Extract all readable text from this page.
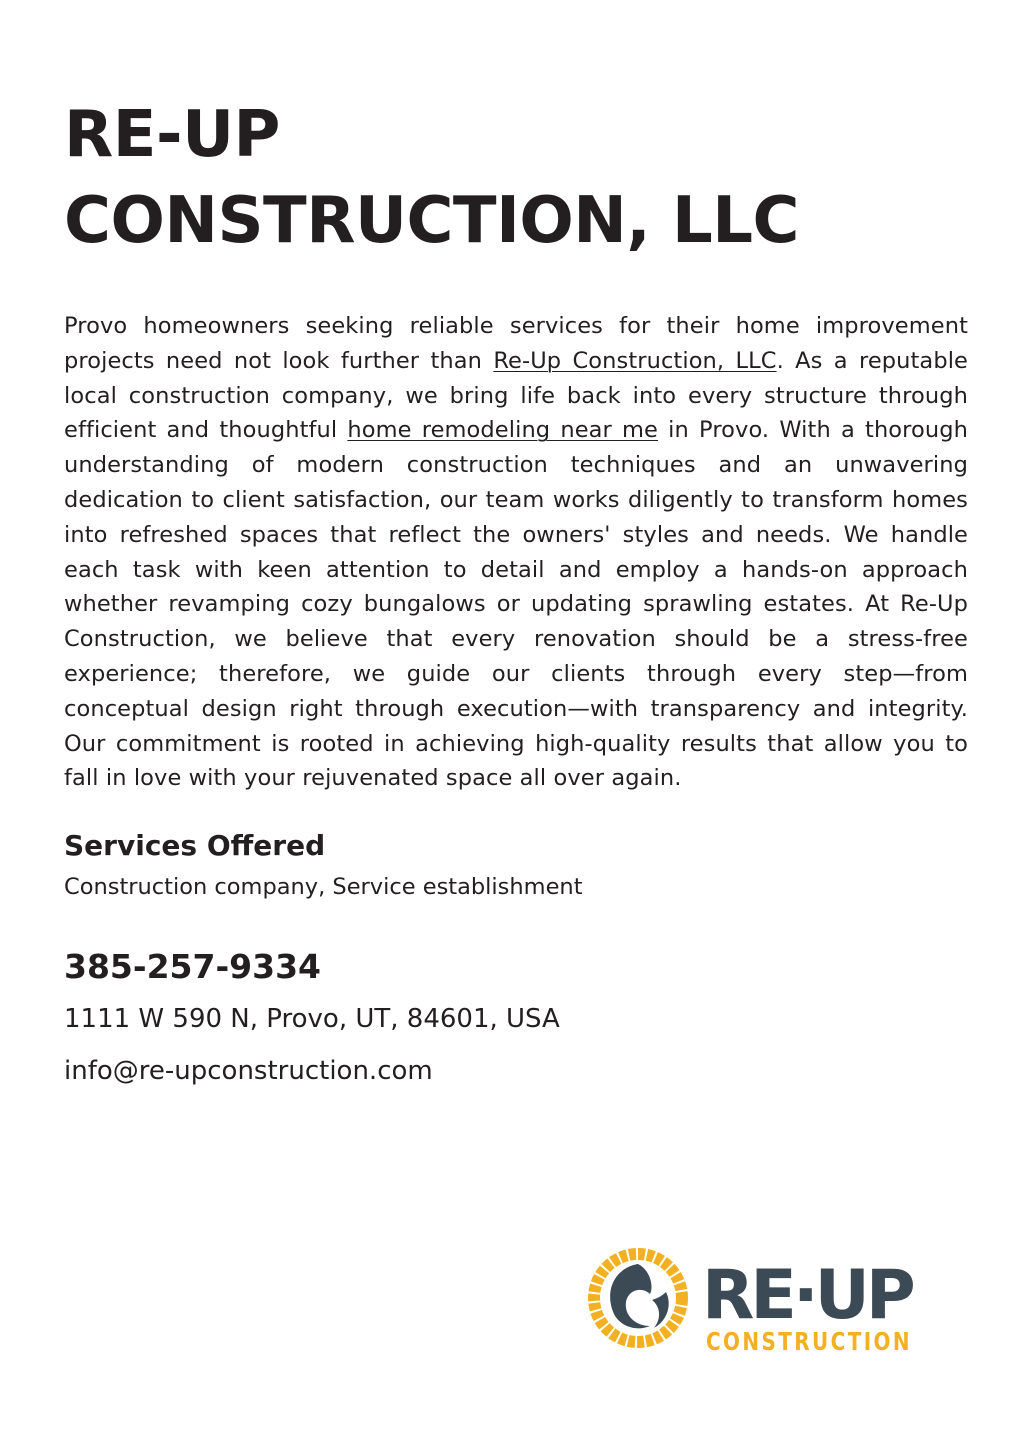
RE-UP
CONSTRUCTION, LLC

Provo homeowners seeking reliable services for their home improvement projects need not look further than Re-Up Construction, LLC. As a reputable local construction company, we bring life back into every structure through efficient and thoughtful home remodeling near me in Provo. With a thorough understanding of modern construction techniques and an unwavering dedication to client satisfaction, our team works diligently to transform homes into refreshed spaces that reflect the owners' styles and needs. We handle each task with keen attention to detail and employ a hands-on approach whether revamping cozy bungalows or updating sprawling estates. At Re-Up Construction, we believe that every renovation should be a stress-free experience; therefore, we guide our clients through every step—from conceptual design right through execution—with transparency and integrity. Our commitment is rooted in achieving high-quality results that allow you to fall in love with your rejuvenated space all over again.

Services Offered

Construction company, Service establishment

385-257-9334
1111 W 590 N, Provo, UT, 84601, USA
info@re-upconstruction.com
RE·UP
CONSTRUCTION
